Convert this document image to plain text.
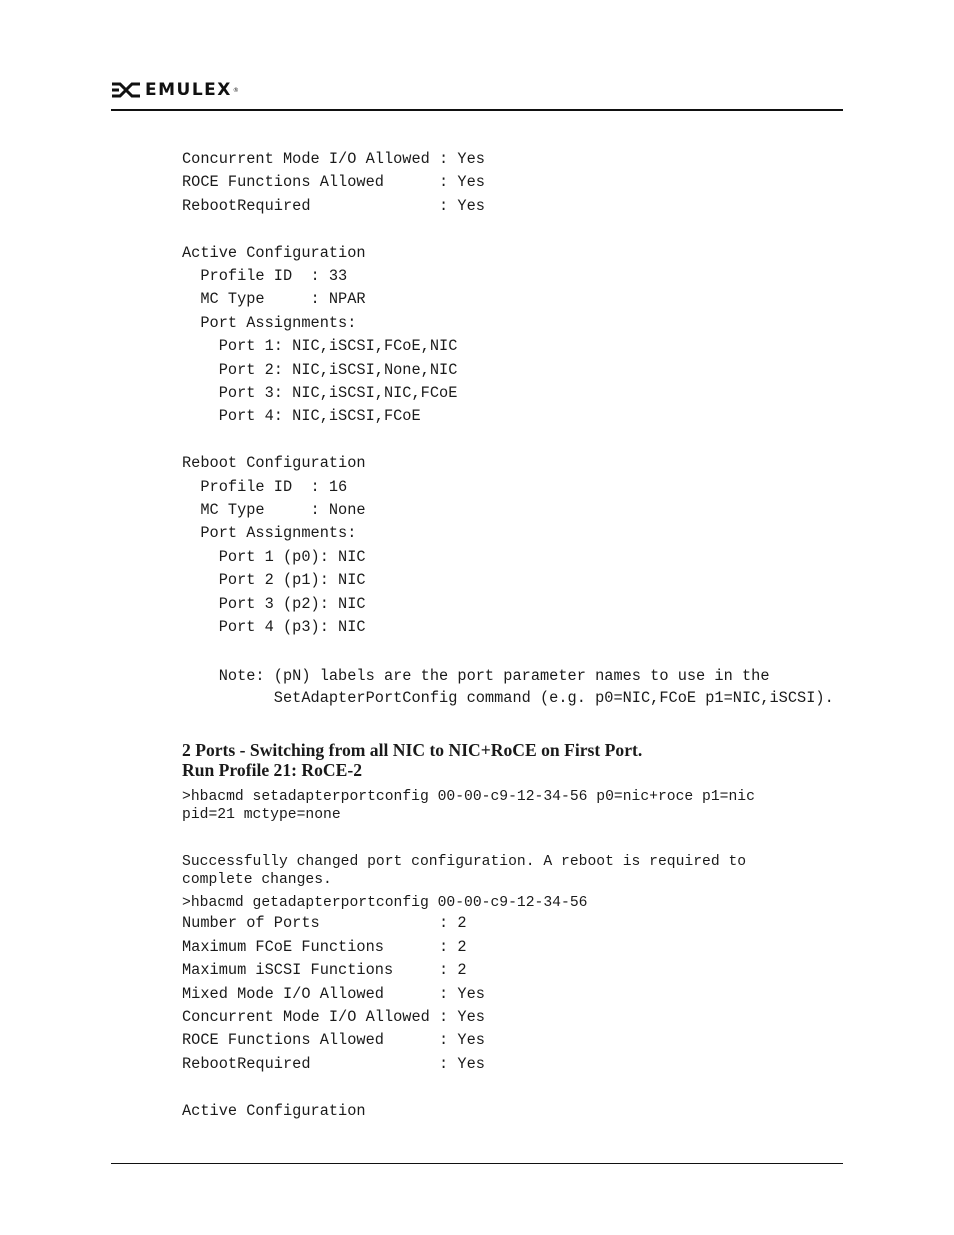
EMULEX ®
Concurrent Mode I/O Allowed : Yes
ROCE Functions Allowed      : Yes
RebootRequired              : Yes
Active Configuration
Profile ID  : 33
MC Type     : NPAR
Port Assignments:
Port 1: NIC,iSCSI,FCoE,NIC
Port 2: NIC,iSCSI,None,NIC
Port 3: NIC,iSCSI,NIC,FCoE
Port 4: NIC,iSCSI,FCoE
Reboot Configuration
Profile ID  : 16
MC Type     : None
Port Assignments:
Port 1 (p0): NIC
Port 2 (p1): NIC
Port 3 (p2): NIC
Port 4 (p3): NIC
Note: (pN) labels are the port parameter names to use in the
SetAdapterPortConfig command (e.g. p0=NIC,FCoE p1=NIC,iSCSI).
2 Ports - Switching from all NIC to NIC+RoCE on First Port.
Run Profile 21: RoCE-2
>hbacmd setadapterportconfig 00-00-c9-12-34-56 p0=nic+roce p1=nic
pid=21 mctype=none
Successfully changed port configuration. A reboot is required to
complete changes.
>hbacmd getadapterportconfig 00-00-c9-12-34-56
Number of Ports             : 2
Maximum FCoE Functions      : 2
Maximum iSCSI Functions     : 2
Mixed Mode I/O Allowed      : Yes
Concurrent Mode I/O Allowed : Yes
ROCE Functions Allowed      : Yes
RebootRequired              : Yes
Active Configuration
